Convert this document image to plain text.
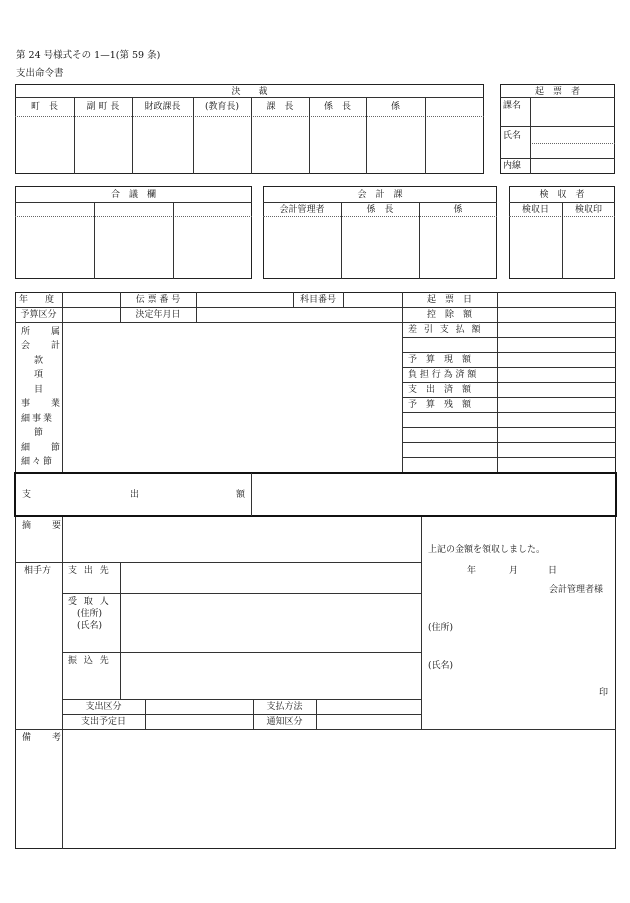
第 24 号様式その 1—1(第 59 条)
支出命令書
決　　裁
町　長	副 町 長	財政課長	(教育長)	課　長	係　長	係
起　票　者
課名
氏名
内線
合　議　欄	会　計　課
会計管理者	係　長	係
検　収　者
検収日	検収印
年　度	伝 票 番 号	科目番号	起　票　日
予算区分	決定年月日	控　除　額
所　属
会　計
款
項
目
事　業
細事業
節
細　節
細々節
差 引 支 払 額
予　算　現　額
負 担 行 為 済 額
支　出　済　額
予　算　残　額
支	出	額
摘　要
相手方 支 出 先
受 取 人
(住所)
(氏名)
振 込 先
支出区分	支払方法
支出予定日	通知区分
上記の金額を領収しました。
年	月	日
会計管理者様
(住所)
(氏名)
印
備　考
